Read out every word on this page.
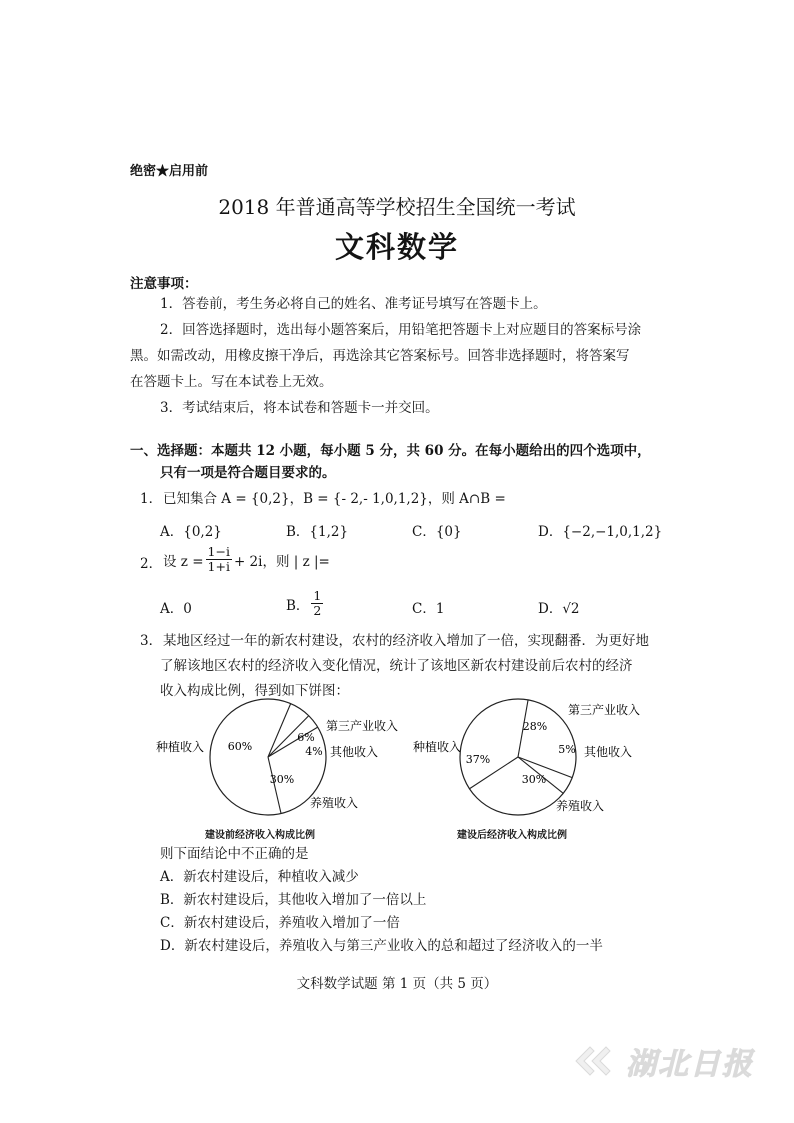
绝密★启用前
2018 年普通高等学校招生全国统一考试
文科数学
注意事项：
1．答卷前，考生务必将自己的姓名、准考证号填写在答题卡上。
2．回答选择题时，选出每小题答案后，用铅笔把答题卡上对应题目的答案标号涂
黑。如需改动，用橡皮擦干净后，再选涂其它答案标号。回答非选择题时，将答案写
在答题卡上。写在本试卷上无效。
3．考试结束后，将本试卷和答题卡一并交回。
一、选择题：本题共 12 小题，每小题 5 分，共 60 分。在每小题给出的四个选项中，
只有一项是符合题目要求的。
1． 已知集合 A = {0,2}，B = {- 2,- 1,0,1,2}，则 A∩B =
A．{0,2}	B．{1,2}	C．{0}	D．{−2,−1,0,1,2}
2． 设 $z = \frac{1-i}{1+i} + 2i$，则 | z |=
A．0	B． $\frac{1}{2}$	C．1	D．√2
3． 某地区经过一年的新农村建设，农村的经济收入增加了一倍，实现翻番．为更好地
了解该地区农村的经济收入变化情况，统计了该地区新农村建设前后农村的经济
收入构成比例，得到如下饼图：
60%
6%
4%
30%
种植收入
第三产业收入
其他收入
养殖收入
28%
5%
30%
37%
第三产业收入
其他收入
养殖收入
种植收入
建设前经济收入构成比例	建设后经济收入构成比例
则下面结论中不正确的是
A．新农村建设后，种植收入减少
B．新农村建设后，其他收入增加了一倍以上
C．新农村建设后，养殖收入增加了一倍
D．新农村建设后，养殖收入与第三产业收入的总和超过了经济收入的一半
文科数学试题 第 1 页（共 5 页）
湖北日报
